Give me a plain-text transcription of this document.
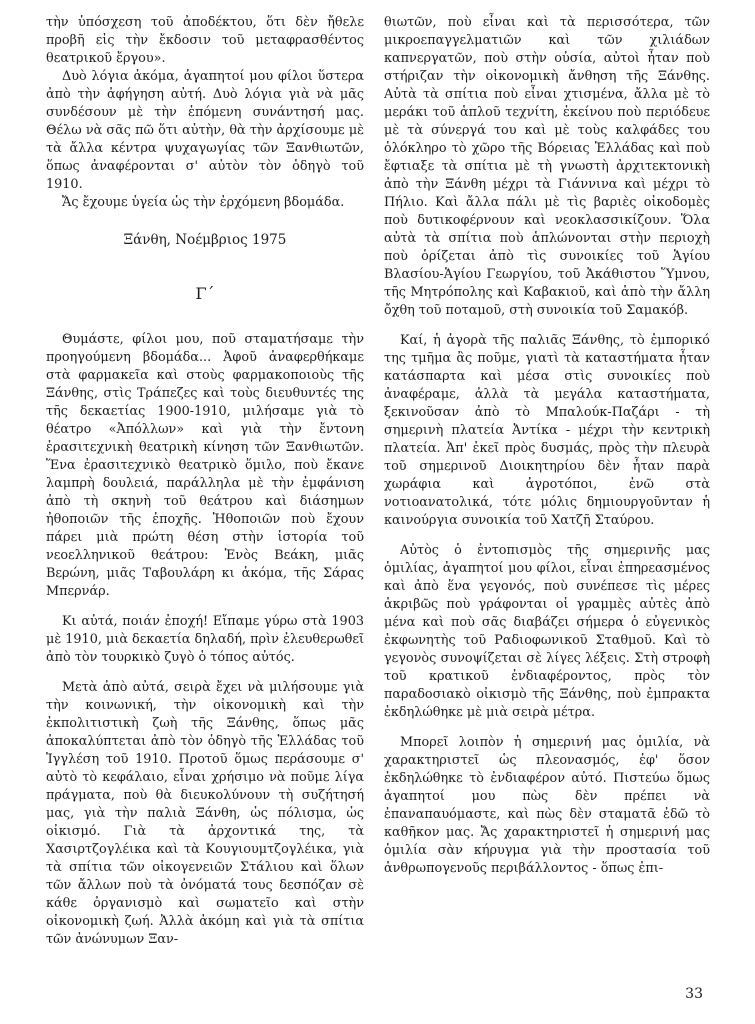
τὴν ὑπόσχεση τοῦ ἀποδέκτου, ὅτι δὲν ἤθελε προβῆ εἰς τὴν ἔκδοσιν τοῦ μεταφρασθέντος θεατρικοῦ ἔργου».

Δυὸ λόγια ἀκόμα, ἀγαπητοί μου φίλοι ὕστερα ἀπὸ τὴν ἀφήγηση αὐτή. Δυὸ λόγια γιὰ νὰ μᾶς συνδέσουν μὲ τὴν ἑπόμενη συνάντησή μας. Θέλω νὰ σᾶς πῶ ὅτι αὐτὴν, θὰ τὴν ἀρχίσουμε μὲ τὰ ἄλλα κέντρα ψυχαγωγίας τῶν Ξανθιωτῶν, ὅπως ἀναφέρονται σ' αὐτὸν τὸν ὁδηγὸ τοῦ 1910.

Ἄς ἔχουμε ὑγεία ὡς τὴν ἐρχόμενη βδομάδα.

Ξάνθη, Νοέμβριος 1975
Γ΄

Θυμάστε, φίλοι μου, ποῦ σταματήσαμε τὴν προηγούμενη βδομάδα... Ἀφοῦ ἀναφερθήκαμε στὰ φαρμακεῖα καὶ στοὺς φαρμακοποιοὺς τῆς Ξάνθης, στὶς Τράπεζες καὶ τοὺς διευθυντές της τῆς δεκαετίας 1900-1910, μιλήσαμε γιὰ τὸ θέατρο «Ἀπόλλων» καὶ γιὰ τὴν ἔντονη ἐρασιτεχνικὴ θεατρικὴ κίνηση τῶν Ξανθιωτῶν. Ἕνα ἐρασιτεχνικὸ θεατρικὸ ὅμιλο, ποὺ ἔκανε λαμπρὴ δουλειά, παράλληλα μὲ τὴν ἐμφάνιση ἀπὸ τὴ σκηνὴ τοῦ θεάτρου καὶ διάσημων ἠθοποιῶν τῆς ἐποχῆς. Ἠθοποιῶν ποὺ ἔχουν πάρει μιὰ πρώτη θέση στὴν ἱστορία τοῦ νεοελληνικοῦ θεάτρου: Ἑνὸς Βεάκη, μιᾶς Βερώνη, μιᾶς Ταβουλάρη κι ἀκόμα, τῆς Σάρας Μπερνάρ.

Κι αὐτά, ποιάν ἐποχή! Εἴπαμε γύρω στὰ 1903 μὲ 1910, μιὰ δεκαετία δηλαδή, πρὶν ἐλευθερωθεῖ ἀπὸ τὸν τουρκικὸ ζυγὸ ὁ τόπος αὐτός.

Μετὰ ἀπὸ αὐτά, σειρὰ ἔχει νὰ μιλήσουμε γιὰ τὴν κοινωνική, τὴν οἰκονομικὴ καὶ τὴν ἐκπολιτιστικὴ ζωὴ τῆς Ξάνθης, ὅπως μᾶς ἀποκαλύπτεται ἀπὸ τὸν ὁδηγὸ τῆς Ἑλλάδας τοῦ Ἰγγλέση τοῦ 1910. Προτοῦ ὅμως περάσουμε σ' αὐτὸ τὸ κεφάλαιο, εἶναι χρήσιμο νὰ ποῦμε λίγα πράγματα, ποὺ θὰ διευκολύνουν τὴ συζήτησή μας, γιὰ τὴν παλιὰ Ξάνθη, ὡς πόλισμα, ὡς οἰκισμό. Γιὰ τὰ ἀρχοντικά της, τὰ Χασιρτζογλέικα καὶ τὰ Κουγιουμτζογλέικα, γιὰ τὰ σπίτια τῶν οἰκογενειῶν Στάλιου καὶ ὅλων τῶν ἄλλων ποὺ τὰ ὀνόματά τους δεσπόζαν σὲ κάθε ὀργανισμὸ καὶ σωματεῖο καὶ στὴν οἰκονομικὴ ζωή. Ἀλλὰ ἀκόμη καὶ γιὰ τὰ σπίτια τῶν ἀνώνυμων Ξαν-

θιωτῶν, ποὺ εἶναι καὶ τὰ περισσότερα, τῶν μικροεπαγγελματιῶν καὶ τῶν χιλιάδων καπνεργατῶν, ποὺ στὴν οὐσία, αὐτοὶ ἦταν ποὺ στήριζαν τὴν οἰκονομικὴ ἄνθηση τῆς Ξάνθης. Αὐτὰ τὰ σπίτια ποὺ εἶναι χτισμένα, ἄλλα μὲ τὸ μεράκι τοῦ ἁπλοῦ τεχνίτη, ἐκείνου ποὺ περιόδευε μὲ τὰ σύνεργά του καὶ μὲ τοὺς καλφάδες του ὁλόκληρο τὸ χῶρο τῆς Βόρειας Ἑλλάδας καὶ ποὺ ἔφτιαξε τὰ σπίτια μὲ τὴ γνωστὴ ἀρχιτεκτονικὴ ἀπὸ τὴν Ξάνθη μέχρι τὰ Γιάννινα καὶ μέχρι τὸ Πήλιο. Καὶ ἄλλα πάλι μὲ τὶς βαριὲς οἰκοδομὲς ποὺ δυτικοφέρνουν καὶ νεοκλασσικίζουν. Ὅλα αὐτὰ τὰ σπίτια ποὺ ἁπλώνονται στὴν περιοχὴ ποὺ ὁρίζεται ἀπὸ τὶς συνοικίες τοῦ Ἁγίου Βλασίου-Ἁγίου Γεωργίου, τοῦ Ἀκάθιστου Ὕμνου, τῆς Μητρόπολης καὶ Καβακιοῦ, καὶ ἀπὸ τὴν ἄλλη ὄχθη τοῦ ποταμοῦ, στὴ συνοικία τοῦ Σαμακόβ.

Καί, ἡ ἀγορὰ τῆς παλιᾶς Ξάνθης, τὸ ἐμπορικό της τμῆμα ἂς ποῦμε, γιατὶ τὰ καταστήματα ἦταν κατάσπαρτα καὶ μέσα στὶς συνοικίες ποὺ ἀναφέραμε, ἀλλὰ τὰ μεγάλα καταστήματα, ξεκινοῦσαν ἀπὸ τὸ Μπαλούκ-Παζάρι - τὴ σημερινὴ πλατεία Ἀντίκα - μέχρι τὴν κεντρικὴ πλατεία. Ἀπ' ἐκεῖ πρὸς δυσμάς, πρὸς τὴν πλευρὰ τοῦ σημερινοῦ Διοικητηρίου δὲν ἦταν παρὰ χωράφια καὶ ἀγροτόποι, ἐνῶ στὰ νοτιοανατολικά, τότε μόλις δημιουργοῦνταν ἡ καινούργια συνοικία τοῦ Χατζῆ Σταύρου.

Αὐτὸς ὁ ἐντοπισμὸς τῆς σημερινῆς μας ὁμιλίας, ἀγαπητοί μου φίλοι, εἶναι ἐπηρεασμένος καὶ ἀπὸ ἕνα γεγονός, ποὺ συνέπεσε τὶς μέρες ἀκριβῶς ποὺ γράφονται οἱ γραμμὲς αὐτὲς ἀπὸ μένα καὶ ποὺ σᾶς διαβάζει σήμερα ὁ εὐγενικὸς ἐκφωνητὴς τοῦ Ραδιοφωνικοῦ Σταθμοῦ. Καὶ τὸ γεγονὸς συνοψίζεται σὲ λίγες λέξεις. Στὴ στροφὴ τοῦ κρατικοῦ ἐνδιαφέροντος, πρὸς τὸν παραδοσιακὸ οἰκισμὸ τῆς Ξάνθης, ποὺ ἐμπρακτα ἐκδηλώθηκε μὲ μιὰ σειρὰ μέτρα.

Μπορεῖ λοιπὸν ἡ σημερινή μας ὁμιλία, νὰ χαρακτηριστεῖ ὡς πλεονασμός, ἐφ' ὅσον ἐκδηλώθηκε τὸ ἐνδιαφέρον αὐτό. Πιστεύω ὅμως ἀγαπητοί μου πὼς δὲν πρέπει νὰ ἐπαναπαυόμαστε, καὶ πὼς δὲν σταματᾶ ἐδῶ τὸ καθῆκον μας. Ἄς χαρακτηριστεῖ ἡ σημερινή μας ὁμιλία σὰν κήρυγμα γιὰ τὴν προστασία τοῦ ἀνθρωπογενοῦς περιβάλλοντος - ὅπως ἐπι-

33
